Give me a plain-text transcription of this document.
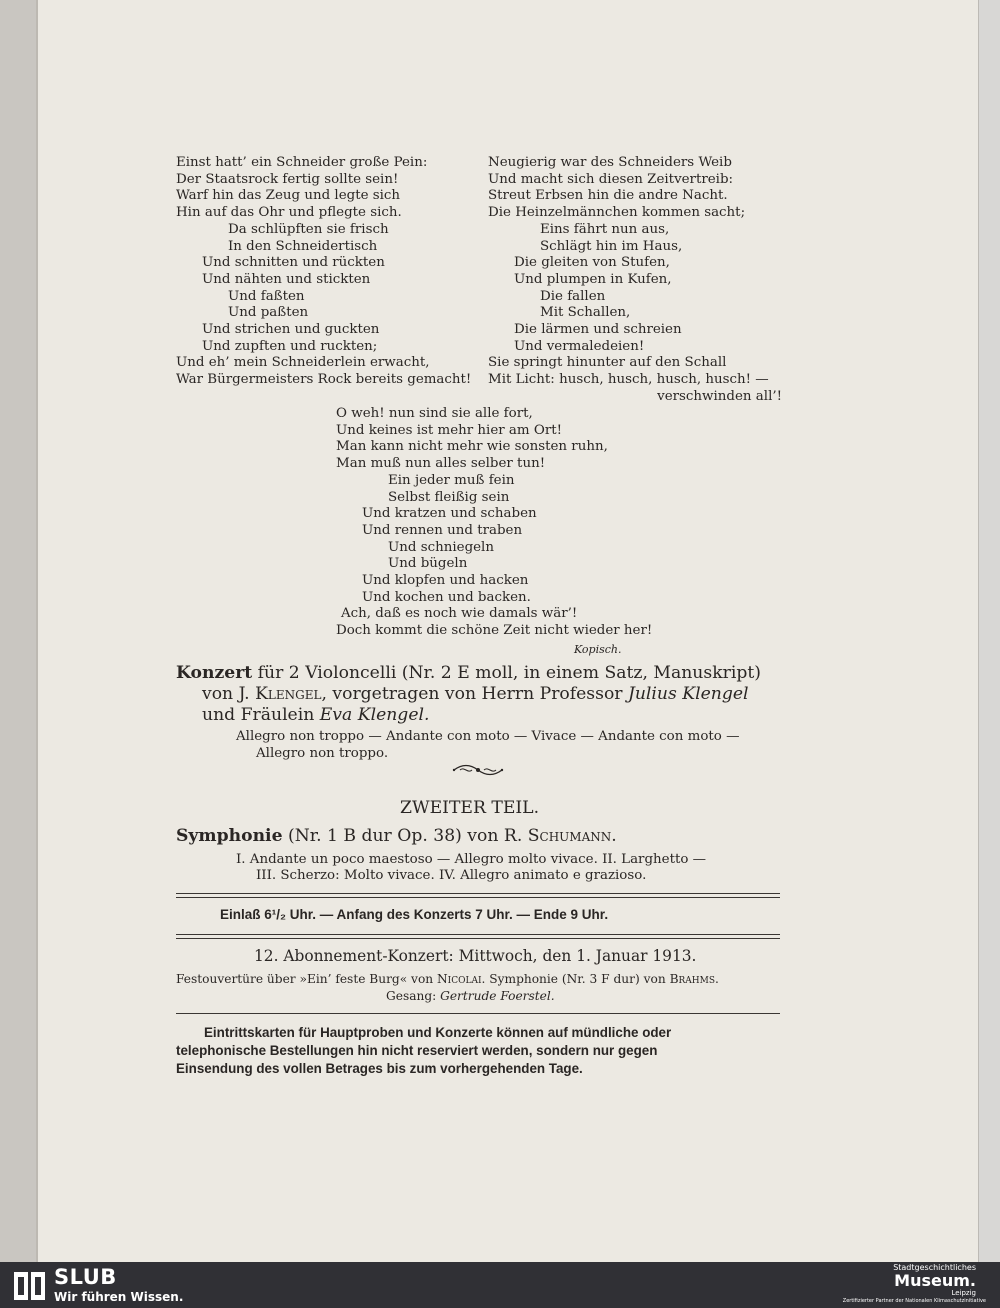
Einst hatt’ ein Schneider große Pein:
Der Staatsrock fertig sollte sein!
Warf hin das Zeug und legte sich
Hin auf das Ohr und pflegte sich.
Da schlüpften sie frisch
In den Schneidertisch
Und schnitten und rückten
Und nähten und stickten
Und faßten
Und paßten
Und strichen und guckten
Und zupften und ruckten;
Und eh’ mein Schneiderlein erwacht,
War Bürgermeisters Rock bereits gemacht!
Neugierig war des Schneiders Weib
Und macht sich diesen Zeitvertreib:
Streut Erbsen hin die andre Nacht.
Die Heinzelmännchen kommen sacht;
Eins fährt nun aus,
Schlägt hin im Haus,
Die gleiten von Stufen,
Und plumpen in Kufen,
Die fallen
Mit Schallen,
Die lärmen und schreien
Und vermaledeien!
Sie springt hinunter auf den Schall
Mit Licht: husch, husch, husch, husch! —
verschwinden all’!
O weh! nun sind sie alle fort,
Und keines ist mehr hier am Ort!
Man kann nicht mehr wie sonsten ruhn,
Man muß nun alles selber tun!
Ein jeder muß fein
Selbst fleißig sein
Und kratzen und schaben
Und rennen und traben
Und schniegeln
Und bügeln
Und klopfen und hacken
Und kochen und backen.
Ach, daß es noch wie damals wär’!
Doch kommt die schöne Zeit nicht wieder her!
Kopisch.
Konzert für 2 Violoncelli (Nr. 2 E moll, in einem Satz, Manuskript)
von J. Klengel, vorgetragen von Herrn Professor Julius Klengel
und Fräulein Eva Klengel.
Allegro non troppo — Andante con moto — Vivace — Andante con moto —
Allegro non troppo.
ZWEITER TEIL.
Symphonie (Nr. 1 B dur Op. 38) von R. Schumann.
I. Andante un poco maestoso — Allegro molto vivace. II. Larghetto —
III. Scherzo: Molto vivace. IV. Allegro animato e grazioso.
Einlaß 6¹/₂ Uhr. — Anfang des Konzerts 7 Uhr. — Ende 9 Uhr.
12. Abonnement-Konzert: Mittwoch, den 1. Januar 1913.
Festouvertüre über »Ein’ feste Burg« von Nicolai. Symphonie (Nr. 3 F dur) von Brahms.
Gesang: Gertrude Foerstel.
Eintrittskarten für Hauptproben und Konzerte können auf mündliche oder
telephonische Bestellungen hin nicht reserviert werden, sondern nur gegen
Einsendung des vollen Betrages bis zum vorhergehenden Tage.
SLUB
Wir führen Wissen.
Stadtgeschichtliches
Museum.
Leipzig
Zertifizierter Partner der Nationalen Klimaschutzinitiative
